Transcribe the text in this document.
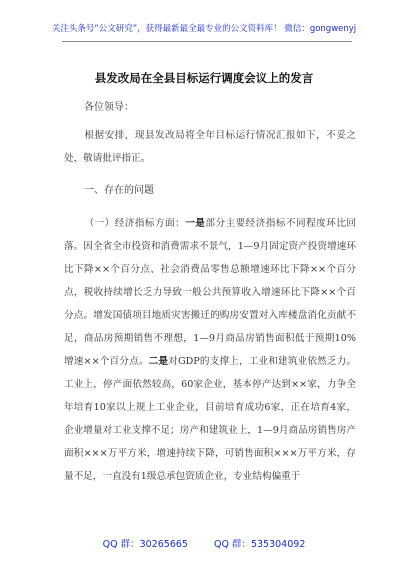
关注头条号“公文研究”，获得最新最全最专业的公文资料库！ 微信：gongwenyj
县发改局在全县目标运行调度会议上的发言
各位领导：
根据安排，现县发改局将全年目标运行情况汇报如下，不妥之处，敬请批评指正。
一、存在的问题
（一）经济指标方面：一是部分主要经济指标不同程度环比回落。因全省全市投资和消费需求不景气，1—9月固定资产投资增速环比下降××个百分点、社会消费品零售总额增速环比下降××个百分点，税收持续增长乏力导致一般公共预算收入增速环比下降××个百分点。增发国债项目地质灾害搬迁的购房安置对入库楼盘消化贡献不足，商品房预期销售不理想，1—9月商品房销售面积低于预期10%增速××个百分点。二是对GDP的支撑上，工业和建筑业依然乏力。工业上，停产面依然较高，60家企业，基本停产达到××家，力争全年培育10家以上规上工业企业，目前培育成功6家，正在培育4家，企业增量对工业支撑不足；房产和建筑业上，1—9月商品房销售房产面积×××万平方米，增速持续下降，可销售面积×××万平方米，存量不足，一直没有1级总承包资质企业，专业结构偏重于
QQ 群：30265665	QQ 群：535304092
